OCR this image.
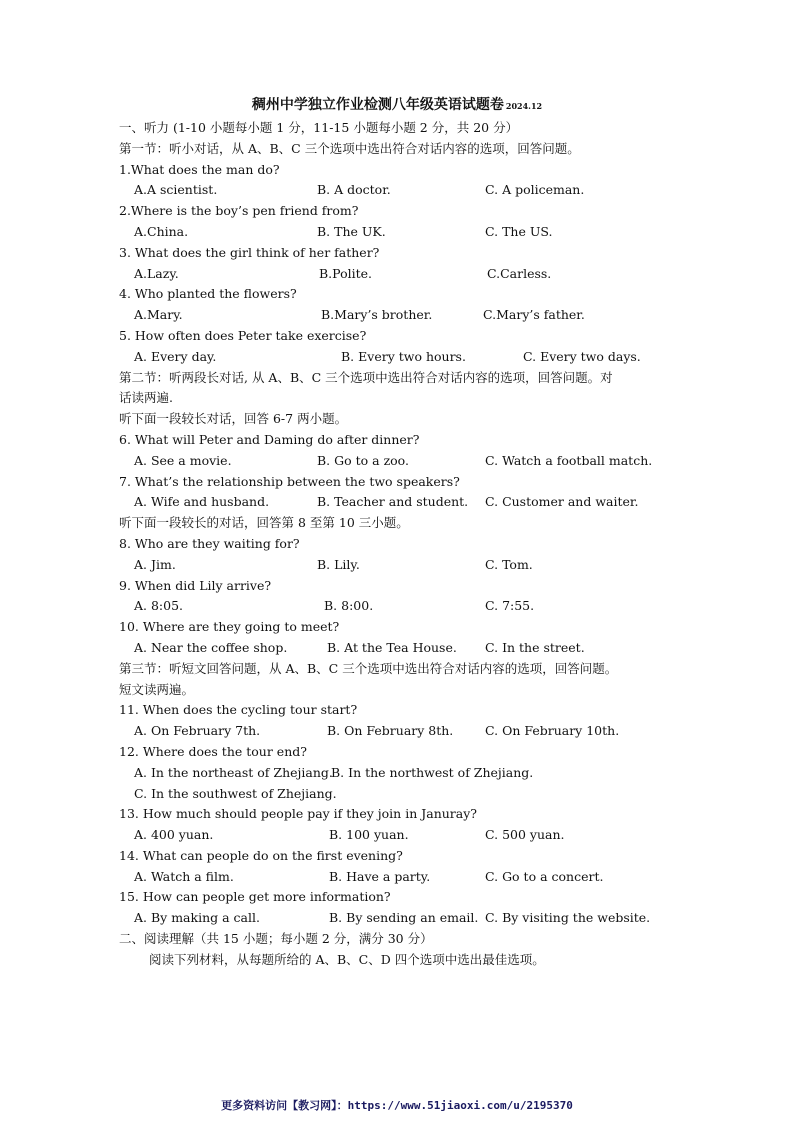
稠州中学独立作业检测八年级英语试题卷 2024.12
一、听力 (1-10 小题每小题 1 分，11-15 小题每小题 2 分，共 20 分）
第一节：听小对话，从 A、B、C 三个选项中选出符合对话内容的选项，回答问题。
1.What does the man do?
A.A scientist.	B. A doctor.	C. A policeman.
2.Where is the boy’s pen friend from?
A.China.	B. The UK.	C. The US.
3. What does the girl think of her father?
A.Lazy.	B.Polite.	C.Carless.
4. Who planted the flowers?
A.Mary.	B.Mary’s brother.	C.Mary’s father.
5. How often does Peter take exercise?
A. Every day.	B. Every two hours.	C. Every two days.
第二节：听两段长对话, 从 A、B、C 三个选项中选出符合对话内容的选项，回答问题。对
话读两遍.
听下面一段较长对话，回答 6-7 两小题。
6. What will Peter and Daming do after dinner?
A. See a movie.	B. Go to a zoo.	C. Watch a football match.
7. What’s the relationship between the two speakers?
A. Wife and husband.	B. Teacher and student. C. Customer and waiter.
听下面一段较长的对话，回答第 8 至第 10 三小题。
8. Who are they waiting for?
A. Jim.	B. Lily.	C. Tom.
9. When did Lily arrive?
A. 8:05.	B. 8:00.	C. 7:55.
10. Where are they going to meet?
A. Near the coffee shop.	B. At the Tea House. C. In the street.
第三节：听短文回答问题，从 A、B、C 三个选项中选出符合对话内容的选项，回答问题。
短文读两遍。
11. When does the cycling tour start?
A. On February 7th.	B. On February 8th.	C. On February 10th.
12. Where does the tour end?
A. In the northeast of Zhejiang.
B. In the northwest of Zhejiang.
C. In the southwest of Zhejiang.
13. How much should people pay if they join in Januray?
A. 400 yuan.	B. 100 yuan.	C. 500 yuan.
14. What can people do on the first evening?
A. Watch a film.	B. Have a party.	C. Go to a concert.
15. How can people get more information?
A. By making a call.	B. By sending an email. C. By visiting the website.
二、阅读理解（共 15 小题；每小题 2 分，满分 30 分）
阅读下列材料，从每题所给的 A、B、C、D 四个选项中选出最佳选项。
更多资料访问【教习网】：https://www.51jiaoxi.com/u/2195370
